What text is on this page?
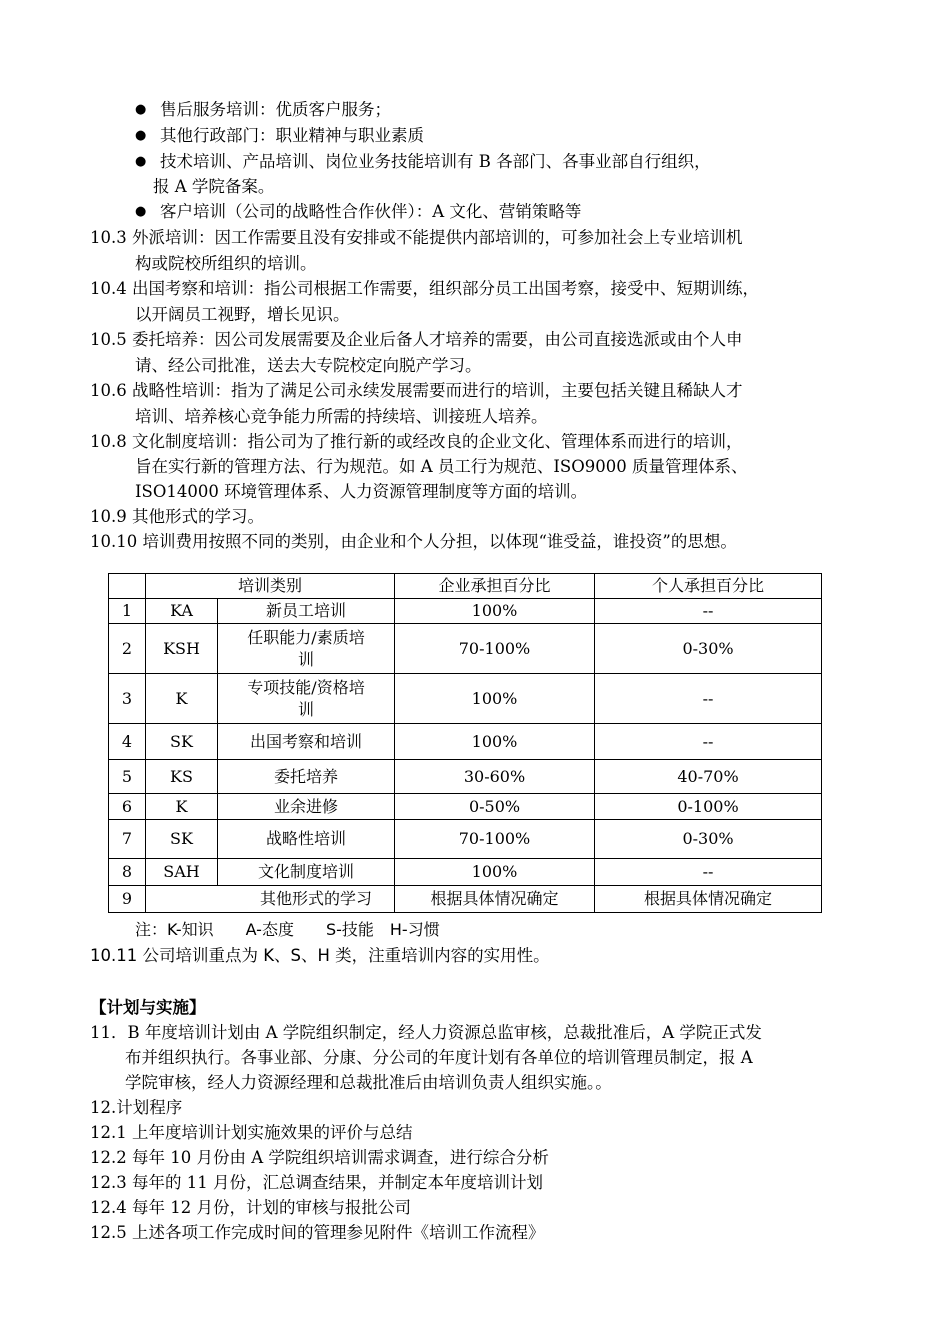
● 售后服务培训：优质客户服务；
● 其他行政部门：职业精神与职业素质
● 技术培训、产品培训、岗位业务技能培训有 B 各部门、各事业部自行组织，
报 A 学院备案。
● 客户培训（公司的战略性合作伙伴）：A 文化、营销策略等
10.3 外派培训：因工作需要且没有安排或不能提供内部培训的，可参加社会上专业培训机
构或院校所组织的培训。
10.4 出国考察和培训：指公司根据工作需要，组织部分员工出国考察，接受中、短期训练，
以开阔员工视野，增长见识。
10.5 委托培养：因公司发展需要及企业后备人才培养的需要，由公司直接选派或由个人申
请、经公司批准，送去大专院校定向脱产学习。
10.6 战略性培训：指为了满足公司永续发展需要而进行的培训，主要包括关键且稀缺人才
培训、培养核心竞争能力所需的持续培、训接班人培养。
10.8 文化制度培训：指公司为了推行新的或经改良的企业文化、管理体系而进行的培训，
旨在实行新的管理方法、行为规范。如 A 员工行为规范、ISO9000 质量管理体系、
ISO14000 环境管理体系、人力资源管理制度等方面的培训。
10.9 其他形式的学习。
10.10 培训费用按照不同的类别，由企业和个人分担，以体现“谁受益，谁投资”的思想。
	培训类别		企业承担百分比	个人承担百分比
1	KA	新员工培训	100%	--
2	KSH	任职能力/素质培训	70-100%	0-30%
3	K	专项技能/资格培训	100%	--
4	SK	出国考察和培训	100%	--
5	KS	委托培养	30-60%	40-70%
6	K	业余进修	0-50%	0-100%
7	SK	战略性培训	70-100%	0-30%
8	SAH	文化制度培训	100%	--
9	其他形式的学习		根据具体情况确定	根据具体情况确定
注：K-知识　　A-态度　　S-技能　H-习惯
10.11 公司培训重点为 K、S、H 类，注重培训内容的实用性。
【计划与实施】
11．B 年度培训计划由 A 学院组织制定，经人力资源总监审核，总裁批准后，A 学院正式发
布并组织执行。各事业部、分康、分公司的年度计划有各单位的培训管理员制定，报 A
学院审核，经人力资源经理和总裁批准后由培训负责人组织实施。。
12.计划程序
12.1 上年度培训计划实施效果的评价与总结
12.2 每年 10 月份由 A 学院组织培训需求调查，进行综合分析
12.3 每年的 11 月份，汇总调查结果，并制定本年度培训计划
12.4 每年 12 月份，计划的审核与报批公司
12.5 上述各项工作完成时间的管理参见附件《培训工作流程》
